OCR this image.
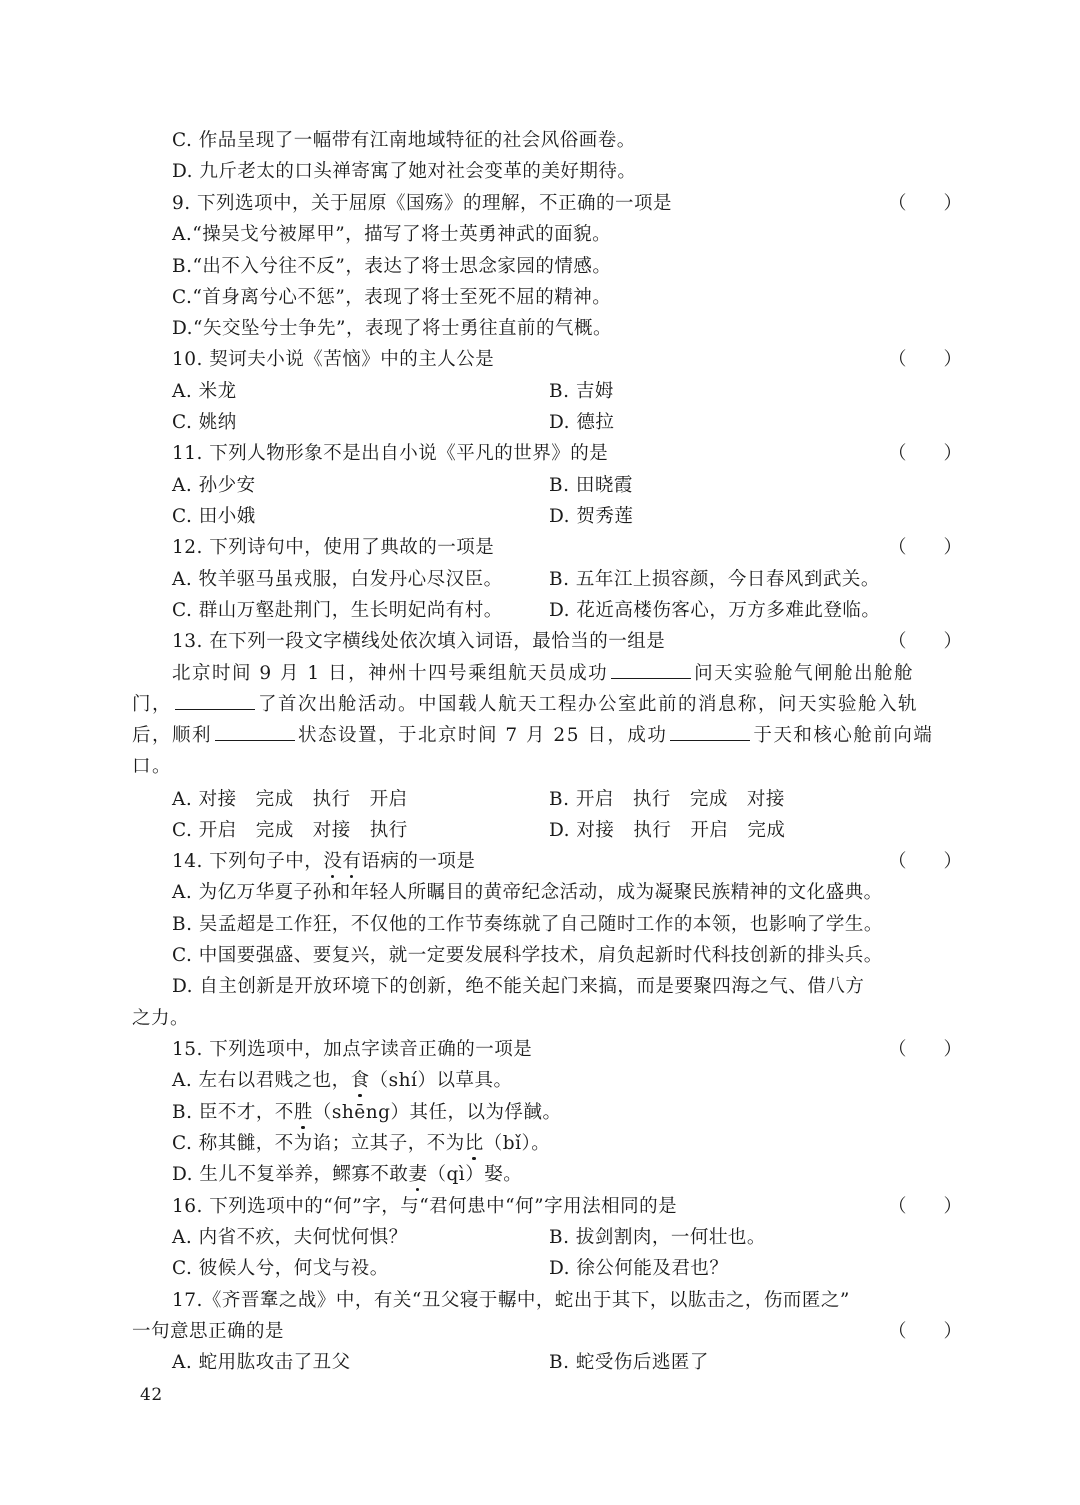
C. 作品呈现了一幅带有江南地域特征的社会风俗画卷。
D. 九斤老太的口头禅寄寓了她对社会变革的美好期待。
9. 下列选项中，关于屈原《国殇》的理解，不正确的一项是	（　　）
A.“操吴戈兮被犀甲”，描写了将士英勇神武的面貌。
B.“出不入兮往不反”，表达了将士思念家园的情感。
C.“首身离兮心不惩”，表现了将士至死不屈的精神。
D.“矢交坠兮士争先”，表现了将士勇往直前的气概。
10. 契诃夫小说《苦恼》中的主人公是	（　　）
A. 米龙	B. 吉姆
C. 姚纳	D. 德拉
11. 下列人物形象不是出自小说《平凡的世界》的是	（　　）
A. 孙少安	B. 田晓霞
C. 田小娥	D. 贺秀莲
12. 下列诗句中，使用了典故的一项是	（　　）
A. 牧羊驱马虽戎服，白发丹心尽汉臣。	B. 五年江上损容颜，今日春风到武关。
C. 群山万壑赴荆门，生长明妃尚有村。 D. 花近高楼伤客心，万方多难此登临。
13. 在下列一段文字横线处依次填入词语，最恰当的一组是	（　　）
北京时间 9 月 1 日，神州十四号乘组航天员成功	问天实验舱气闸舱出舱舱门，	了首次出舱活动。中国载人航天工程办公室此前的消息称，问天实验舱入轨后，顺利	状态设置，于北京时间 7 月 25 日，成功	于天和核心舱前向端口。
A. 对接　完成　执行　开启	B. 开启　执行　完成　对接
C. 开启　完成　对接　执行	D. 对接　执行　开启　完成
14. 下列句子中，没有语病的一项是	（　　）
A. 为亿万华夏子孙和年轻人所瞩目的黄帝纪念活动，成为凝聚民族精神的文化盛典。
B. 吴孟超是工作狂，不仅他的工作节奏练就了自己随时工作的本领，也影响了学生。
C. 中国要强盛、要复兴，就一定要发展科学技术，肩负起新时代科技创新的排头兵。
D. 自主创新是开放环境下的创新，绝不能关起门来搞，而是要聚四海之气、借八方
之力。
15. 下列选项中，加点字读音正确的一项是	（　　）
A. 左右以君贱之也，食（shí）以草具。
B. 臣不才，不胜（shēng）其任，以为俘馘。
C. 称其雠，不为谄；立其子，不为比（bǐ）。
D. 生儿不复举养，鳏寡不敢妻（qì）娶。
16. 下列选项中的“何”字，与“君何患中“何”字用法相同的是	（　　）
A. 内省不疚，夫何忧何惧？	B. 拔剑割肉，一何壮也。
C. 彼候人兮，何戈与祋。	D. 徐公何能及君也？
17.《齐晋鞌之战》中，有关“丑父寝于轏中，蛇出于其下，以肱击之，伤而匿之”
一句意思正确的是	（　　）
A. 蛇用肱攻击了丑父	B. 蛇受伤后逃匿了
42
